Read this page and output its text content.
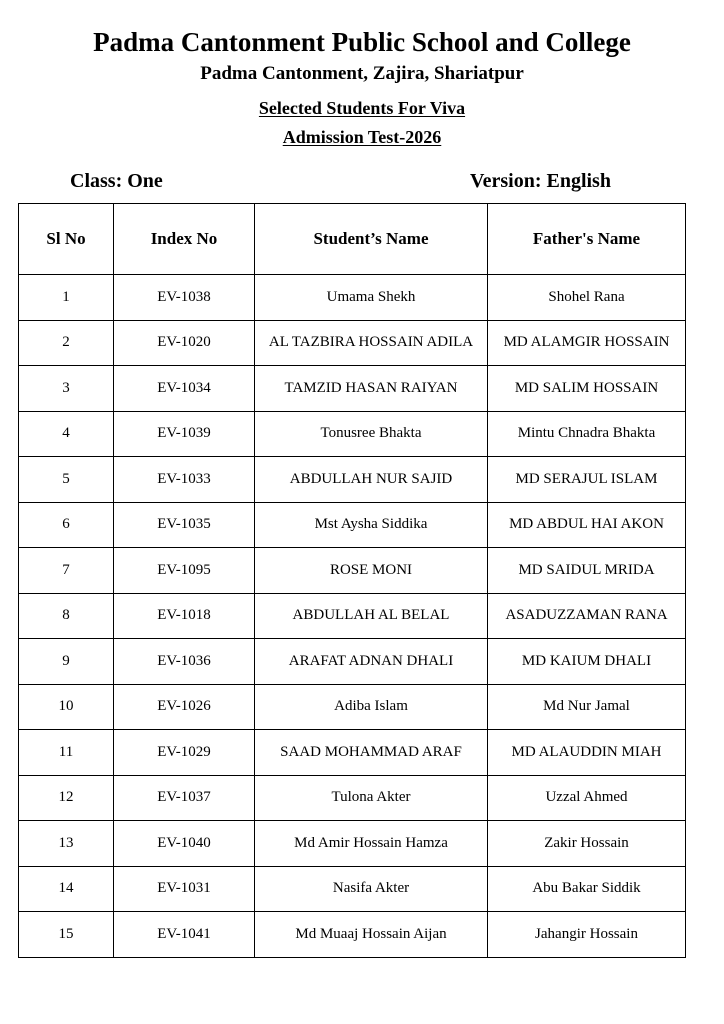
Padma Cantonment Public School and College
Padma Cantonment, Zajira, Shariatpur
Selected Students For Viva
Admission Test-2026
Class: One	Version: English
Sl No	Index No	Student’s Name	Father's Name
1	EV-1038	Umama Shekh	Shohel Rana
2	EV-1020	AL TAZBIRA HOSSAIN ADILA	MD ALAMGIR HOSSAIN
3	EV-1034	TAMZID HASAN RAIYAN	MD SALIM HOSSAIN
4	EV-1039	Tonusree Bhakta	Mintu Chnadra Bhakta
5	EV-1033	ABDULLAH NUR SAJID	MD SERAJUL ISLAM
6	EV-1035	Mst Aysha Siddika	MD ABDUL HAI AKON
7	EV-1095	ROSE MONI	MD SAIDUL MRIDA
8	EV-1018	ABDULLAH AL BELAL	ASADUZZAMAN RANA
9	EV-1036	ARAFAT ADNAN DHALI	MD KAIUM DHALI
10	EV-1026	Adiba Islam	Md Nur Jamal
11	EV-1029	SAAD MOHAMMAD ARAF	MD ALAUDDIN MIAH
12	EV-1037	Tulona Akter	Uzzal Ahmed
13	EV-1040	Md Amir Hossain Hamza	Zakir Hossain
14	EV-1031	Nasifa Akter	Abu Bakar Siddik
15	EV-1041	Md Muaaj Hossain Aijan	Jahangir Hossain
